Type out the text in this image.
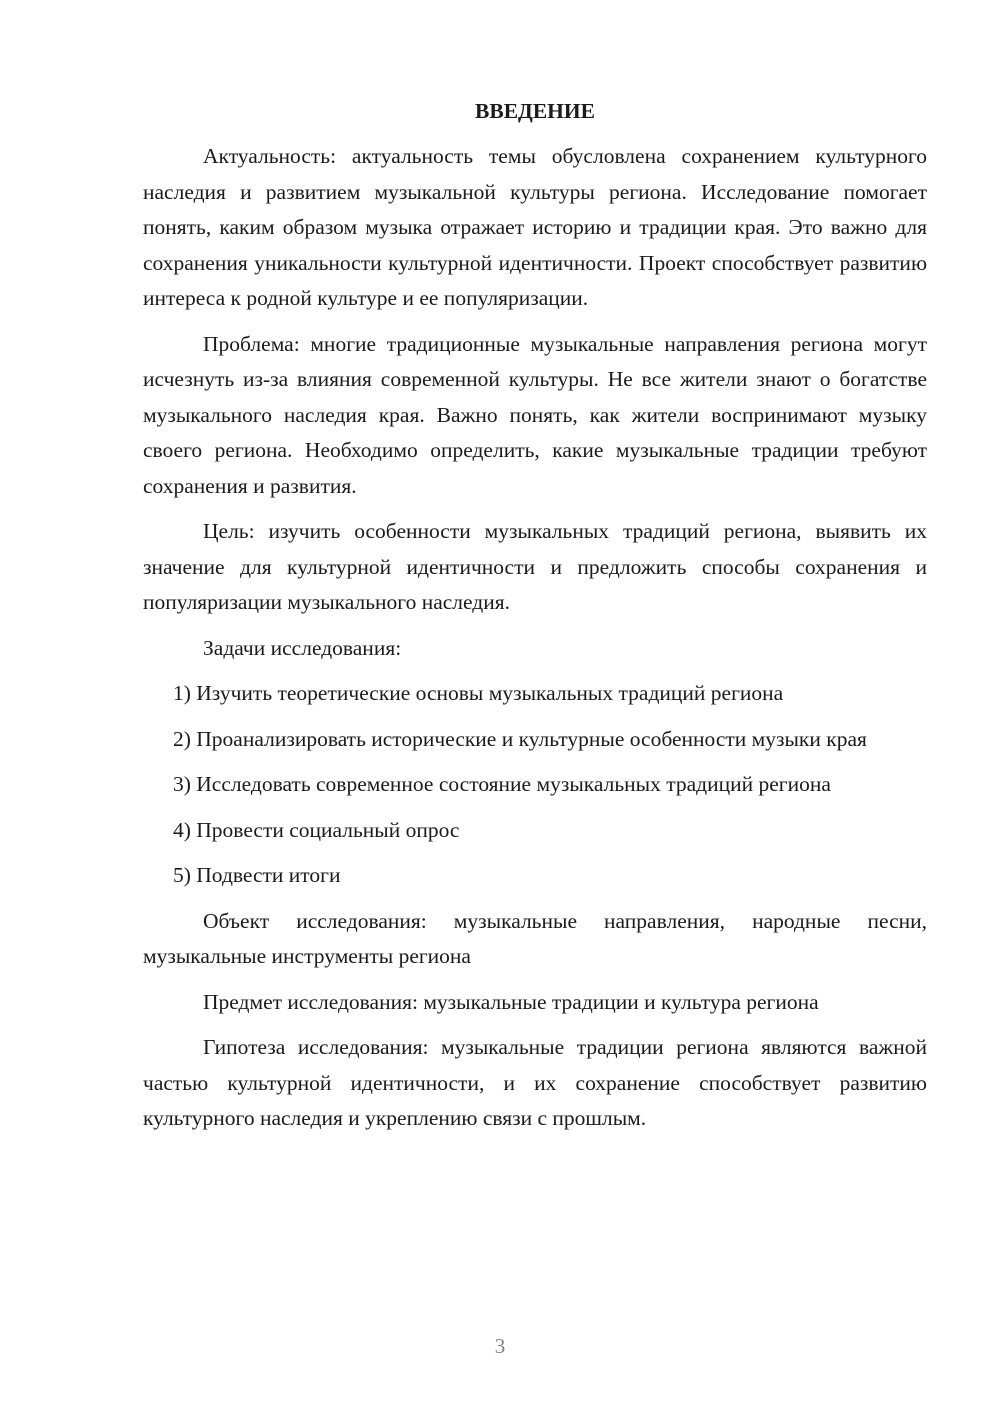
ВВЕДЕНИЕ

Актуальность: актуальность темы обусловлена сохранением культурного наследия и развитием музыкальной культуры региона. Исследование помогает понять, каким образом музыка отражает историю и традиции края. Это важно для сохранения уникальности культурной идентичности. Проект способствует развитию интереса к родной культуре и ее популяризации.

Проблема: многие традиционные музыкальные направления региона могут исчезнуть из-за влияния современной культуры. Не все жители знают о богатстве музыкального наследия края. Важно понять, как жители воспринимают музыку своего региона. Необходимо определить, какие музыкальные традиции требуют сохранения и развития.

Цель: изучить особенности музыкальных традиций региона, выявить их значение для культурной идентичности и предложить способы сохранения и популяризации музыкального наследия.

Задачи исследования:

1) Изучить теоретические основы музыкальных традиций региона

2) Проанализировать исторические и культурные особенности музыки края

3) Исследовать современное состояние музыкальных традиций региона

4) Провести социальный опрос

5) Подвести итоги

Объект исследования: музыкальные направления, народные песни, музыкальные инструменты региона

Предмет исследования: музыкальные традиции и культура региона

Гипотеза исследования: музыкальные традиции региона являются важной частью культурной идентичности, и их сохранение способствует развитию культурного наследия и укреплению связи с прошлым.

3
